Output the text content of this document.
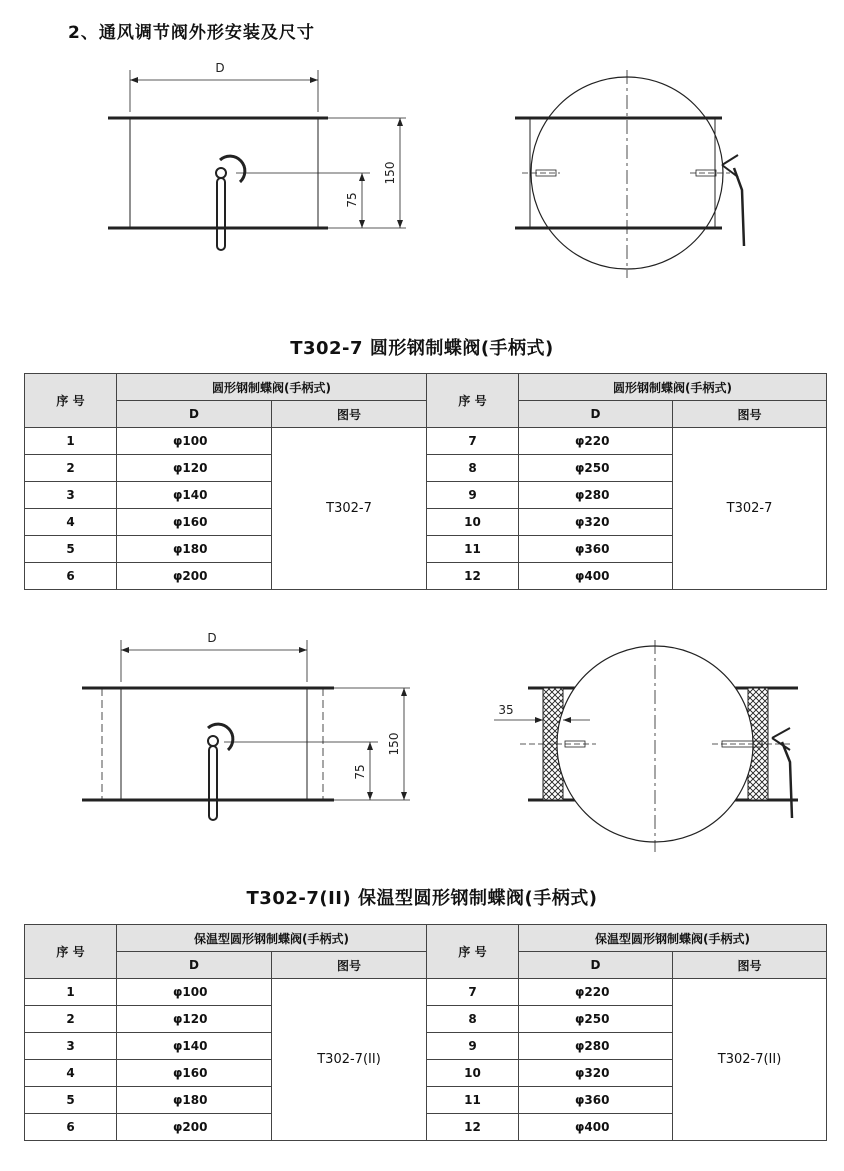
2、通风调节阀外形安装及尺寸
D
150
75
T302-7 圆形钢制蝶阀(手柄式)
序 号	圆形钢制蝶阀(手柄式)		序 号	圆形钢制蝶阀(手柄式)	
	D	图号		D	图号
1	φ100	T302-7	7	φ220	T302-7
2	φ120		8	φ250	
3	φ140		9	φ280	
4	φ160		10	φ320	
5	φ180		11	φ360	
6	φ200		12	φ400	
D
150
75
35
T302-7(II) 保温型圆形钢制蝶阀(手柄式)
序 号	保温型圆形钢制蝶阀(手柄式)		序 号	保温型圆形钢制蝶阀(手柄式)	
	D	图号		D	图号
1	φ100	T302-7(II)	7	φ220	T302-7(II)
2	φ120		8	φ250	
3	φ140		9	φ280	
4	φ160		10	φ320	
5	φ180		11	φ360	
6	φ200		12	φ400	
